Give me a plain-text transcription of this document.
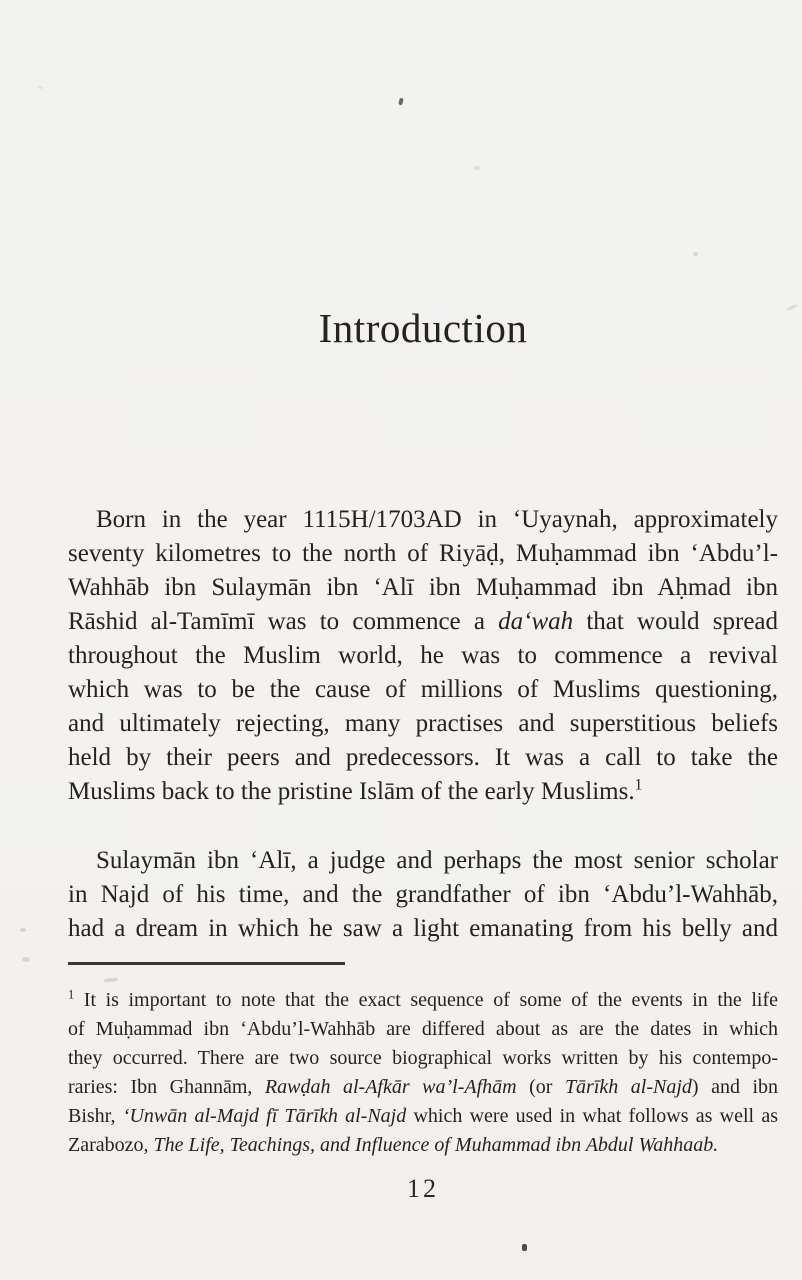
Introduction
Born in the year 1115H/1703AD in ‘Uyaynah, approximately
seventy kilometres to the north of Riyāḍ, Muḥammad ibn ‘Abdu’l-
Wahhāb ibn Sulaymān ibn ‘Alī ibn Muḥammad ibn Aḥmad ibn
Rāshid al-Tamīmī was to commence a da‘wah that would spread
throughout the Muslim world, he was to commence a revival
which was to be the cause of millions of Muslims questioning,
and ultimately rejecting, many practises and superstitious beliefs
held by their peers and predecessors. It was a call to take the
Muslims back to the pristine Islām of the early Muslims.$^1$
Sulaymān ibn ‘Alī, a judge and perhaps the most senior scholar
in Najd of his time, and the grandfather of ibn ‘Abdu’l-Wahhāb,
had a dream in which he saw a light emanating from his belly and
$^1$ It is important to note that the exact sequence of some of the events in the life
of Muḥammad ibn ‘Abdu’l-Wahhāb are differed about as are the dates in which
they occurred. There are two source biographical works written by his contempo-
raries: Ibn Ghannām, Rawḍah al-Afkār wa’l-Afhām (or Tārīkh al-Najd) and ibn
Bishr, ‘Unwān al-Majd fī Tārīkh al-Najd which were used in what follows as well as
Zarabozo, The Life, Teachings, and Influence of Muhammad ibn Abdul Wahhaab.
12
